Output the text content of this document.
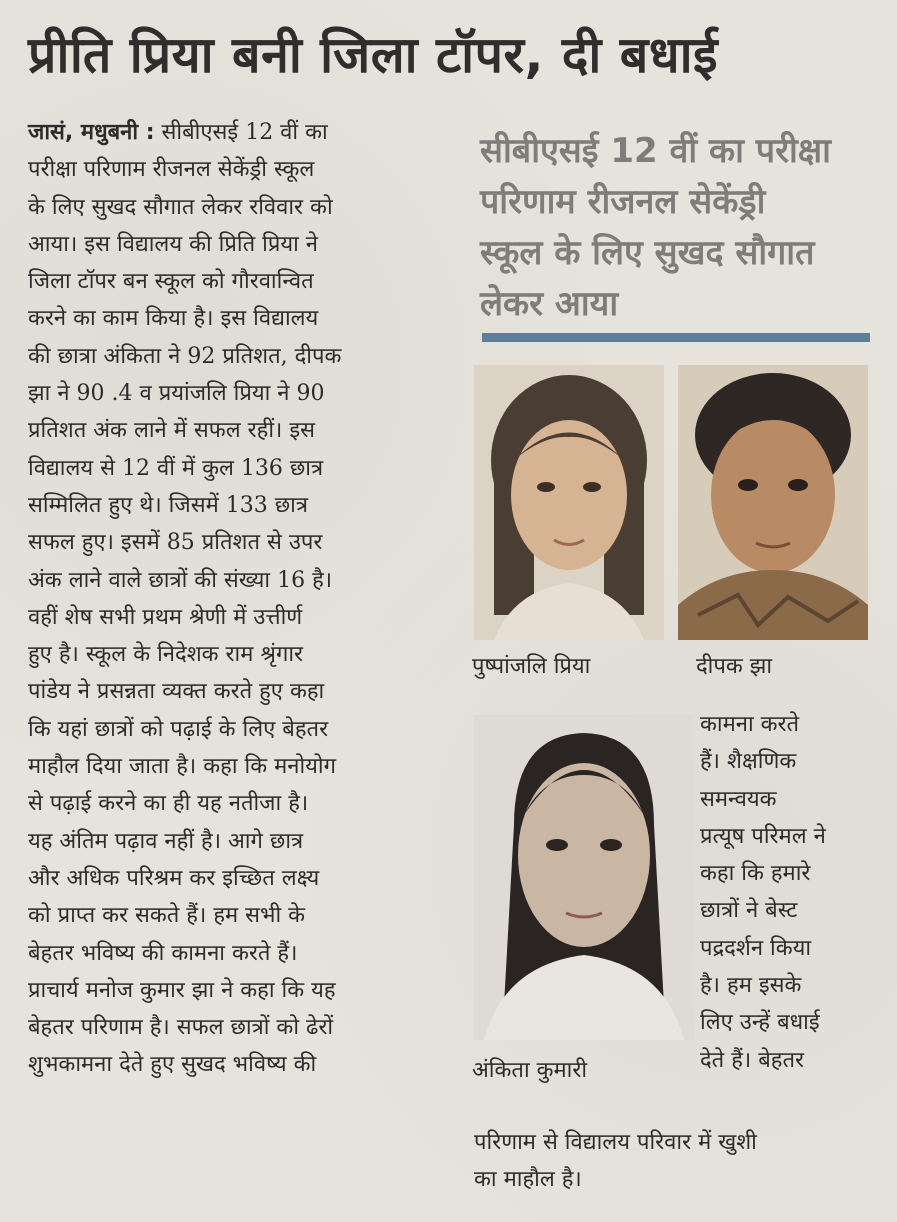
प्रीति प्रिया बनी जिला टॉपर, दी बधाई
जासं, मधुबनी : सीबीएसई 12 वीं का
परीक्षा परिणाम रीजनल सेकेंड्री स्कूल
के लिए सुखद सौगात लेकर रविवार को
आया। इस विद्यालय की प्रिति प्रिया ने
जिला टॉपर बन स्कूल को गौरवान्वित
करने का काम किया है। इस विद्यालय
की छात्रा अंकिता ने 92 प्रतिशत, दीपक
झा ने 90 .4 व प्रयांजलि प्रिया ने 90
प्रतिशत अंक लाने में सफल रहीं। इस
विद्यालय से 12 वीं में कुल 136 छात्र
सम्मिलित हुए थे। जिसमें 133 छात्र
सफल हुए। इसमें 85 प्रतिशत से उपर
अंक लाने वाले छात्रों की संख्या 16 है।
वहीं शेष सभी प्रथम श्रेणी में उत्तीर्ण
हुए है। स्कूल के निदेशक राम श्रृंगार
पांडेय ने प्रसन्नता व्यक्त करते हुए कहा
कि यहां छात्रों को पढ़ाई के लिए बेहतर
माहौल दिया जाता है। कहा कि मनोयोग
से पढ़ाई करने का ही यह नतीजा है।
यह अंतिम पढ़ाव नहीं है। आगे छात्र
और अधिक परिश्रम कर इच्छित लक्ष्य
को प्राप्त कर सकते हैं। हम सभी के
बेहतर भविष्य की कामना करते हैं।
प्राचार्य मनोज कुमार झा ने कहा कि यह
बेहतर परिणाम है। सफल छात्रों को ढेरों
शुभकामना देते हुए सुखद भविष्य की
सीबीएसई 12 वीं का परीक्षा
परिणाम रीजनल सेकेंड्री
स्कूल के लिए सुखद सौगात
लेकर आया
पुष्पांजलि प्रिया	दीपक झा
अंकिता कुमारी
कामना करते
हैं। शैक्षणिक
समन्वयक
प्रत्यूष परिमल ने
कहा कि हमारे
छात्रों ने बेस्ट
पद्रदर्शन किया
है। हम इसके
लिए उन्हें बधाई
देते हैं। बेहतर
परिणाम से विद्यालय परिवार में खुशी
का माहौल है।
